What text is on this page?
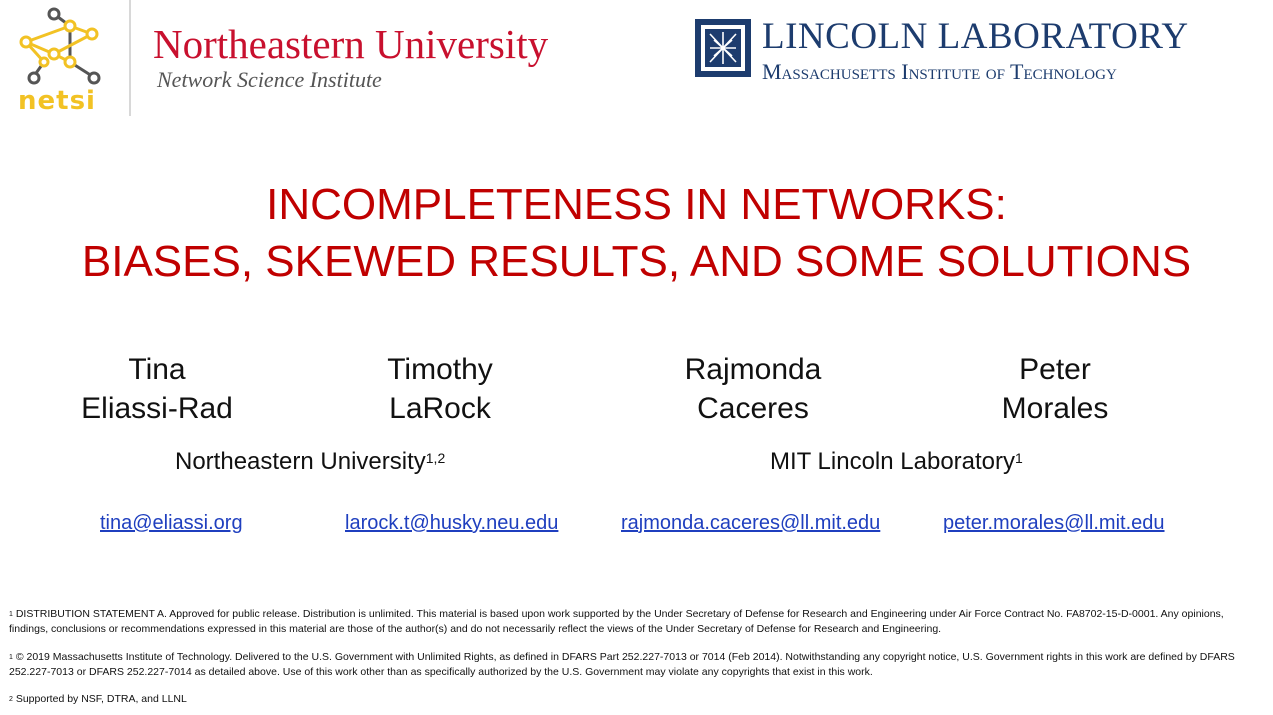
netsi
Northeastern University
Network Science Institute
LINCOLN LABORATORY
Massachusetts Institute of Technology
INCOMPLETENESS IN NETWORKS:
BIASES, SKEWED RESULTS, AND SOME SOLUTIONS
Tina
Eliassi-Rad
Timothy
LaRock
Rajmonda
Caceres
Peter
Morales
Northeastern University$^{1,2}$	MIT Lincoln Laboratory$^1$
tina@eliassi.org	larock.t@husky.neu.edu	rajmonda.caceres@ll.mit.edu	peter.morales@ll.mit.edu
$^1$ DISTRIBUTION STATEMENT A. Approved for public release. Distribution is unlimited. This material is based upon work supported by the Under Secretary of Defense for Research and Engineering under Air Force Contract No. FA8702-15-D-0001. Any opinions, findings, conclusions or recommendations expressed in this material are those of the author(s) and do not necessarily reflect the views of the Under Secretary of Defense for Research and Engineering.
$^1$ © 2019 Massachusetts Institute of Technology. Delivered to the U.S. Government with Unlimited Rights, as defined in DFARS Part 252.227-7013 or 7014 (Feb 2014). Notwithstanding any copyright notice, U.S. Government rights in this work are defined by DFARS 252.227-7013 or DFARS 252.227-7014 as detailed above. Use of this work other than as specifically authorized by the U.S. Government may violate any copyrights that exist in this work.
$^2$ Supported by NSF, DTRA, and LLNL
